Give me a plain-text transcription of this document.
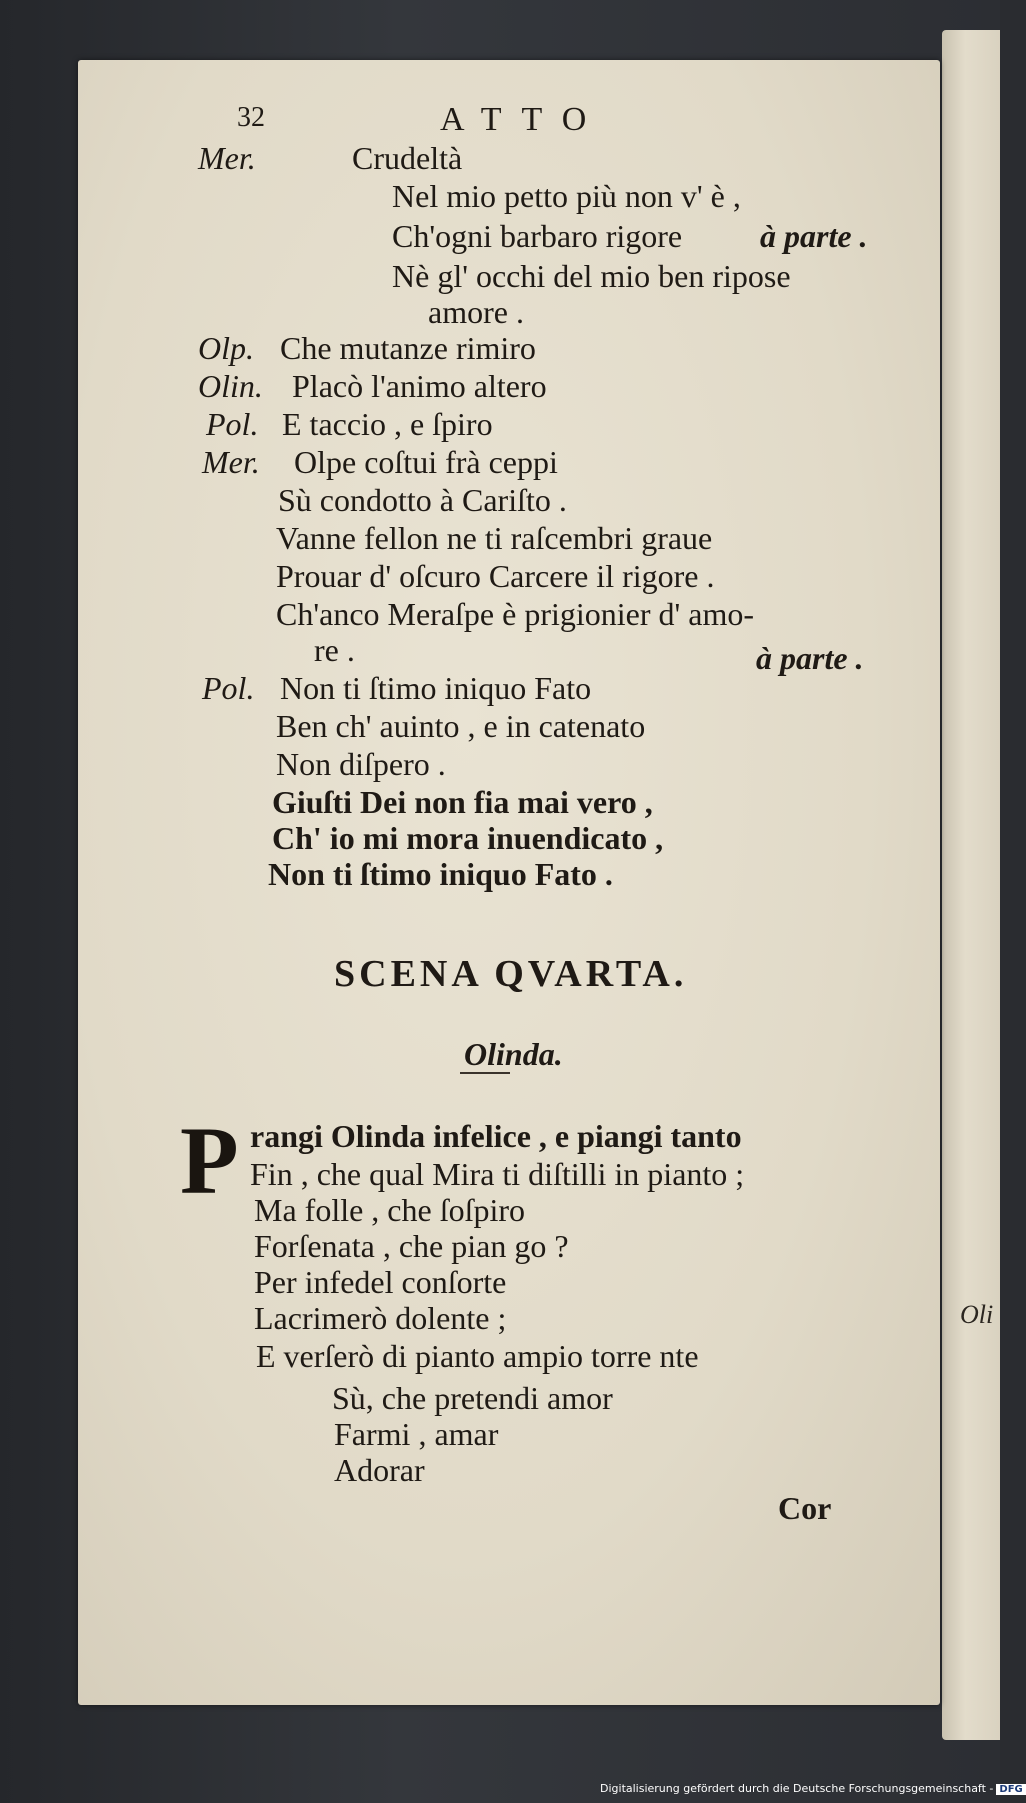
Oli
32	ATTO
Mer.	Crudeltà
Nel mio petto più non v' è ,
Ch'ogni barbaro rigore à parte .
Nè gl' occhi del mio ben ripose
amore .
Olp. Che mutanze rimiro
Olin. Placò l'animo altero
Pol. E taccio , e ſpiro
Mer. Olpe coſtui frà ceppi
Sù condotto à Cariſto .
Vanne fellon ne ti raſcembri graue
Prouar d' oſcuro Carcere il rigore .
Ch'anco Meraſpe è prigionier d' amo-
re .	à parte .
Pol. Non ti ſtimo iniquo Fato
Ben ch' auinto , e in catenato
Non diſpero .
Giuſti Dei non fia mai vero ,
Ch' io mi mora inuendicato ,
Non ti ſtimo iniquo Fato .
SCENA QVARTA.
Olinda.
P rangi Olinda infelice , e piangi tanto
Fin , che qual Mira ti diſtilli in pianto ;
Ma folle , che ſoſpiro
Forſenata , che pian go ?
Per infedel conſorte
Lacrimerò dolente ;
E verſerò di pianto ampio torre nte
Sù, che pretendi amor
Farmi , amar
Adorar
Cor
Digitalisierung gefördert durch die Deutsche Forschungsgemeinschaft - DFG
